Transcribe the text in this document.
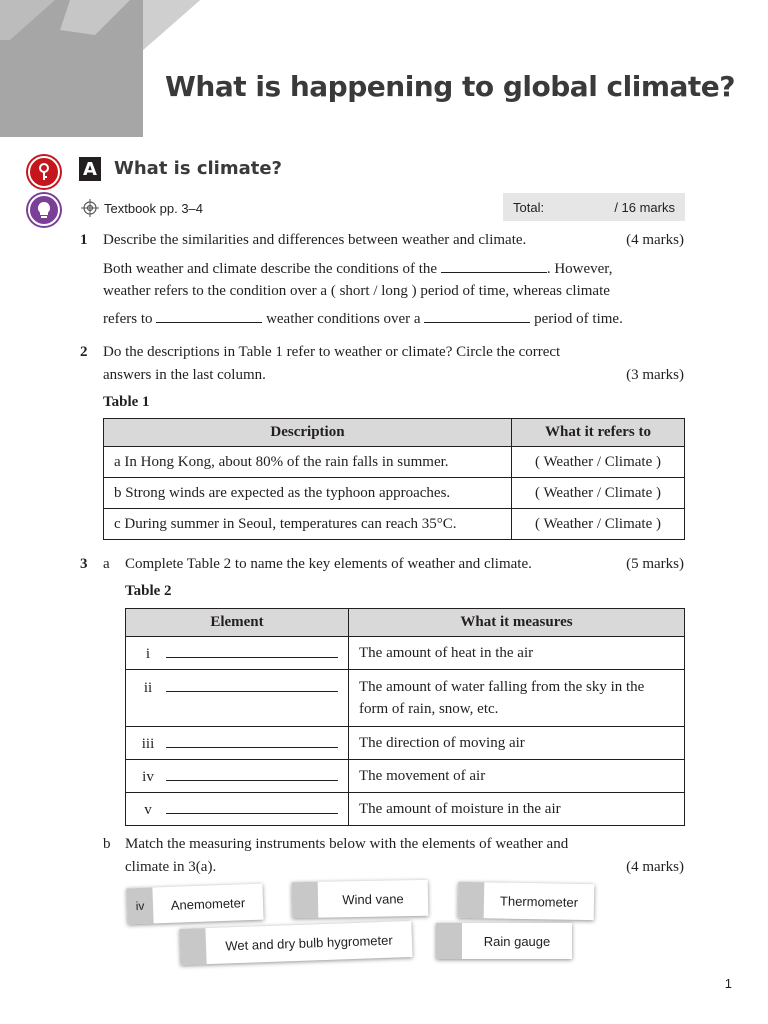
What is happening to global climate?
A What is climate?
Textbook pp. 3–4	Total:	/ 16 marks
1 Describe the similarities and differences between weather and climate.	(4 marks)
Both weather and climate describe the conditions of the	. However,
weather refers to the condition over a ( short / long ) period of time, whereas climate
refers to	weather conditions over a	period of time.
2 Do the descriptions in Table 1 refer to weather or climate? Circle the correct
answers in the last column.	(3 marks)
Table 1
Description	What it refers to
a In Hong Kong, about 80% of the rain falls in summer.	( Weather / Climate )
b Strong winds are expected as the typhoon approaches.	( Weather / Climate )
c During summer in Seoul, temperatures can reach 35°C.	( Weather / Climate )
3 a Complete Table 2 to name the key elements of weather and climate.	(5 marks)
Table 2
Element	What it measures
i	The amount of heat in the air
ii	The amount of water falling from the sky in the
form of rain, snow, etc.

iii	The direction of moving air
iv	The movement of air
v	The amount of moisture in the air
b Match the measuring instruments below with the elements of weather and
climate in 3(a).	(4 marks)
iv	Anemometer	Wind vane	Thermometer
Wet and dry bulb hygrometer	Rain gauge
1
